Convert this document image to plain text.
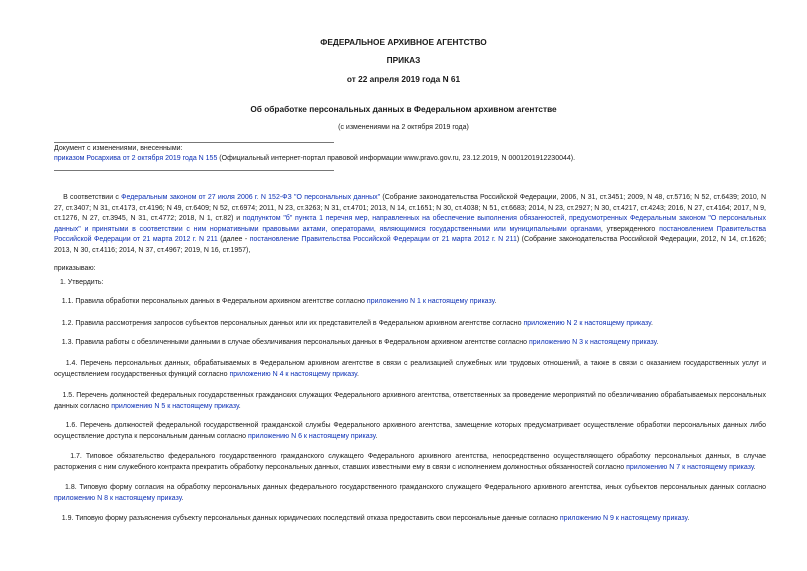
ФЕДЕРАЛЬНОЕ АРХИВНОЕ АГЕНТСТВО
ПРИКАЗ
от 22 апреля 2019 года N 61
Об обработке персональных данных в Федеральном архивном агентстве
(с изменениями на 2 октября 2019 года)
Документ с изменениями, внесенными:
приказом Росархива от 2 октября 2019 года N 155 (Официальный интернет-портал правовой информации www.pravo.gov.ru, 23.12.2019, N 0001201912230044).
В соответствии с Федеральным законом от 27 июля 2006 г. N 152-ФЗ "О персональных данных" (Собрание законодательства Российской Федерации, 2006, N 31, ст.3451; 2009, N 48, ст.5716; N 52, ст.6439; 2010, N 27, ст.3407; N 31, ст.4173, ст.4196; N 49, ст.6409; N 52, ст.6974; 2011, N 23, ст.3263; N 31, ст.4701; 2013, N 14, ст.1651; N 30, ст.4038; N 51, ст.6683; 2014, N 23, ст.2927; N 30, ст.4217, ст.4243; 2016, N 27, ст.4164; 2017, N 9, ст.1276, N 27, ст.3945, N 31, ст.4772; 2018, N 1, ст.82) и подпунктом "б" пункта 1 перечня мер, направленных на обеспечение выполнения обязанностей, предусмотренных Федеральным законом "О персональных данных" и принятыми в соответствии с ним нормативными правовыми актами, операторами, являющимися государственными или муниципальными органами, утвержденного постановлением Правительства Российской Федерации от 21 марта 2012 г. N 211 (далее - постановление Правительства Российской Федерации от 21 марта 2012 г. N 211) (Собрание законодательства Российской Федерации, 2012, N 14, ст.1626; 2013, N 30, ст.4116; 2014, N 37, ст.4967; 2019, N 16, ст.1957),
приказываю:
1. Утвердить:
1.1. Правила обработки персональных данных в Федеральном архивном агентстве согласно приложению N 1 к настоящему приказу.
1.2. Правила рассмотрения запросов субъектов персональных данных или их представителей в Федеральном архивном агентстве согласно приложению N 2 к настоящему приказу.
1.3. Правила работы с обезличенными данными в случае обезличивания персональных данных в Федеральном архивном агентстве согласно приложению N 3 к настоящему приказу.
1.4. Перечень персональных данных, обрабатываемых в Федеральном архивном агентстве в связи с реализацией служебных или трудовых отношений, а также в связи с оказанием государственных услуг и осуществлением государственных функций согласно приложению N 4 к настоящему приказу.
1.5. Перечень должностей федеральных государственных гражданских служащих Федерального архивного агентства, ответственных за проведение мероприятий по обезличиванию обрабатываемых персональных данных согласно приложению N 5 к настоящему приказу.
1.6. Перечень должностей федеральной государственной гражданской службы Федерального архивного агентства, замещение которых предусматривает осуществление обработки персональных данных либо осуществление доступа к персональным данным согласно приложению N 6 к настоящему приказу.
1.7. Типовое обязательство федерального государственного гражданского служащего Федерального архивного агентства, непосредственно осуществляющего обработку персональных данных, в случае расторжения с ним служебного контракта прекратить обработку персональных данных, ставших известными ему в связи с исполнением должностных обязанностей согласно приложению N 7 к настоящему приказу.
1.8. Типовую форму согласия на обработку персональных данных федерального государственного гражданского служащего Федерального архивного агентства, иных субъектов персональных данных согласно приложению N 8 к настоящему приказу.
1.9. Типовую форму разъяснения субъекту персональных данных юридических последствий отказа предоставить свои персональные данные согласно приложению N 9 к настоящему приказу.
